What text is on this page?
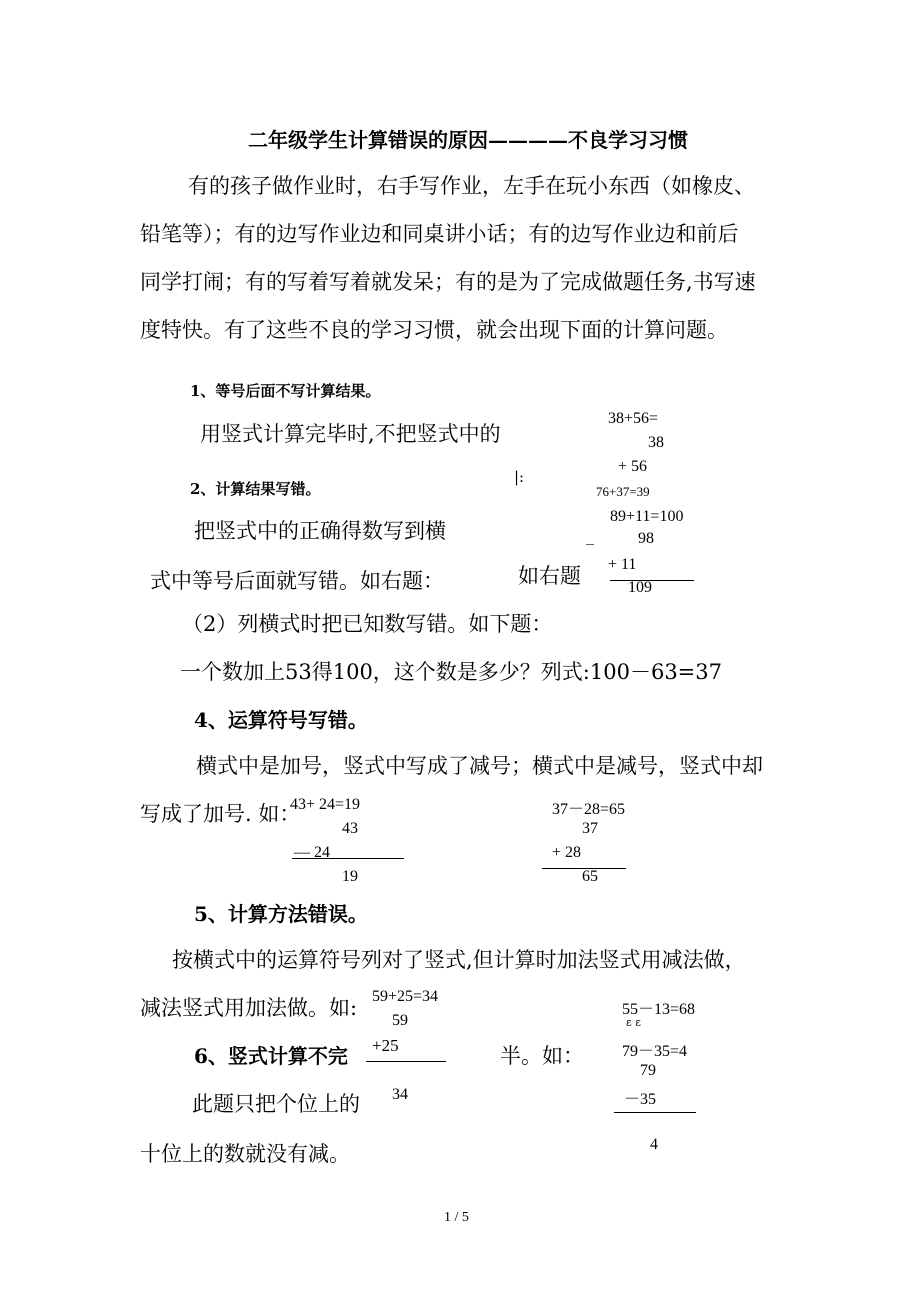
二年级学生计算错误的原因————不良学习习惯
有的孩子做作业时，右手写作业，左手在玩小东西（如橡皮、
铅笔等）；有的边写作业边和同桌讲小话；有的边写作业边和前后
同学打闹；有的写着写着就发呆；有的是为了完成做题任务,书写速
度特快。有了这些不良的学习习惯，就会出现下面的计算问题。
1、等号后面不写计算结果。
用竖式计算完毕时,不把竖式中的
38+56=
38
+ 56
|:
2、计算结果写错。	76+37=39
89+11=100
把竖式中的正确得数写到横	98
_
+ 11
如右题
式中等号后面就写错。如右题：	109
（2）列横式时把已知数写错。如下题：
一个数加上53得100，这个数是多少？列式:100－63=37
4、运算符号写错。
横式中是加号，竖式中写成了减号；横式中是减号，竖式中却
写成了加号. 如：
43+ 24=19
43
— 24
19
37－28=65
37
+ 28
65
5、计算方法错误。
按横式中的运算符号列对了竖式,但计算时加法竖式用减法做，
减法竖式用加法做。如: 59+25=34
59
+25
34
55－13=68
ε ε
6、竖式计算不完	半。如： 79－35=4
79
－35
此题只把个位上的
4
十位上的数就没有减。
1 / 5
